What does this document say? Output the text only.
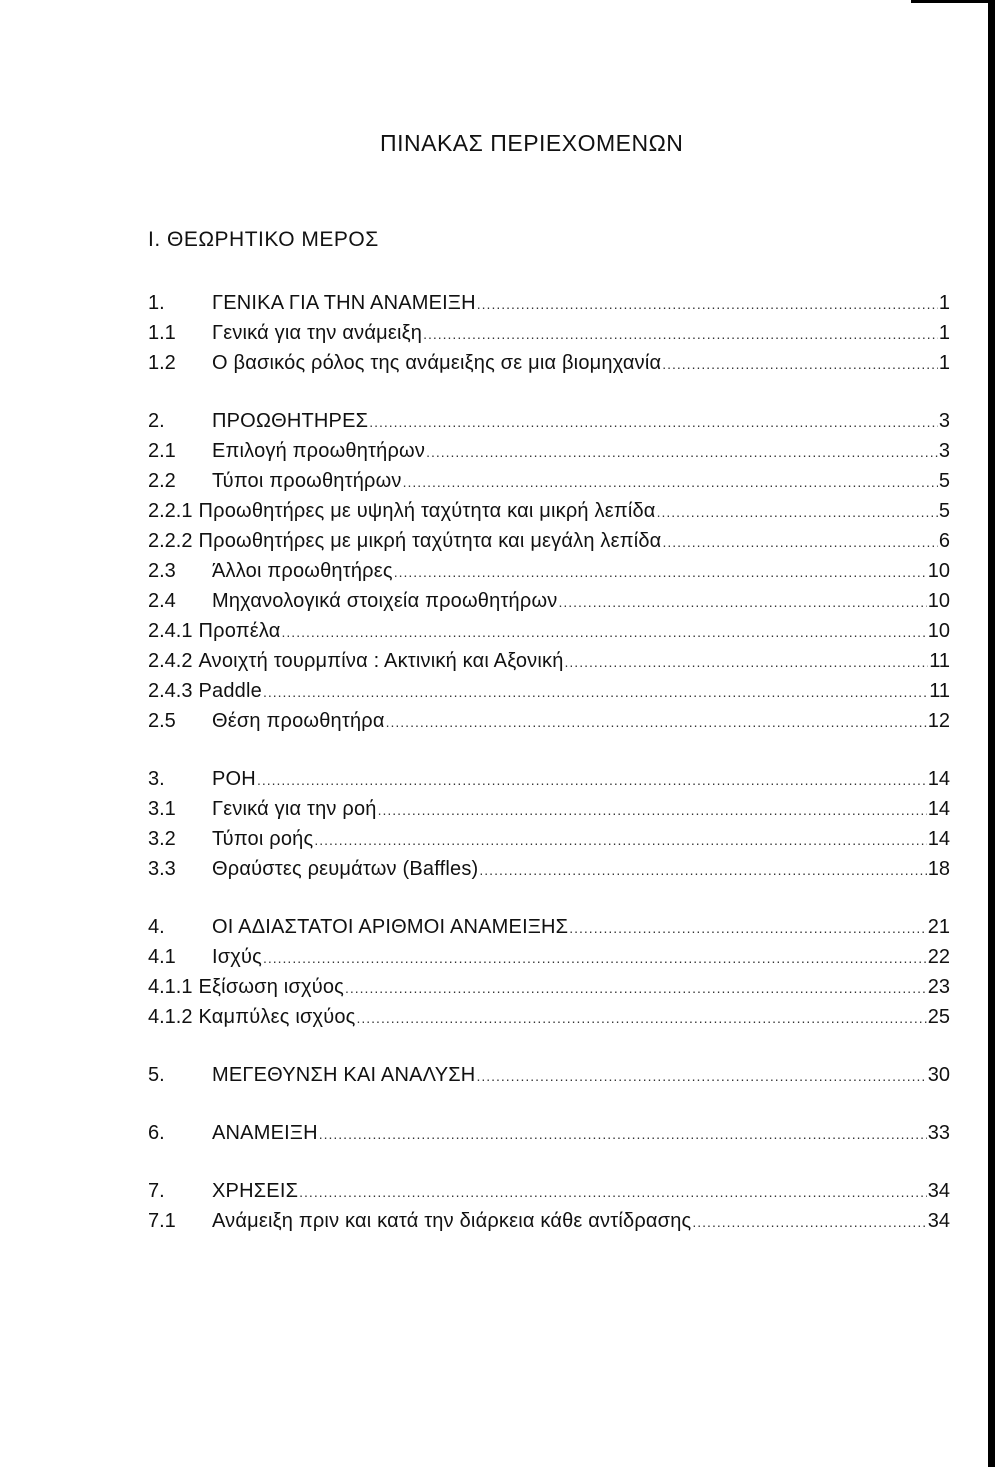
ΠΙΝΑΚΑΣ ΠΕΡΙΕΧΟΜΕΝΩΝ
Ι. ΘΕΩΡΗΤΙΚΟ ΜΕΡΟΣ
1.	ΓΕΝΙΚΑ ΓΙΑ ΤΗΝ ΑΝΑΜΕΙΞΗ .....	1
1.1	Γενικά για την ανάμειξη .....	1
1.2	Ο βασικός ρόλος της ανάμειξης σε μια βιομηχανία .....	1
2.	ΠΡΟΩΘΗΤΗΡΕΣ .....	3
2.1	Επιλογή προωθητήρων .....	3
2.2	Τύποι προωθητήρων .....	5
2.2.1 Προωθητήρες με υψηλή ταχύτητα και μικρή λεπίδα .....	5
2.2.2 Προωθητήρες με μικρή ταχύτητα και μεγάλη λεπίδα .....	6
2.3	Άλλοι προωθητήρες .....	10
2.4	Μηχανολογικά στοιχεία προωθητήρων .....	10
2.4.1 Προπέλα .....	10
2.4.2 Ανοιχτή τουρμπίνα : Ακτινική και Αξονική .....	11
2.4.3 Paddle .....	11
2.5	Θέση προωθητήρα .....	12
3.	ΡΟΗ .....	14
3.1	Γενικά για την ροή .....	14
3.2	Τύποι ροής .....	14
3.3	Θραύστες ρευμάτων (Baffles) .....	18
4.	ΟΙ ΑΔΙΑΣΤΑΤΟΙ ΑΡΙΘΜΟΙ ΑΝΑΜΕΙΞΗΣ .....	21
4.1	Ισχύς .....	22
4.1.1 Εξίσωση ισχύος .....	23
4.1.2 Καμπύλες ισχύος .....	25
5.	ΜΕΓΕΘΥΝΣΗ ΚΑΙ ΑΝΑΛΥΣΗ .....	30
6.	ΑΝΑΜΕΙΞΗ .....	33
7.	ΧΡΗΣΕΙΣ .....	34
7.1	Ανάμειξη πριν και κατά την διάρκεια κάθε αντίδρασης .....	34
